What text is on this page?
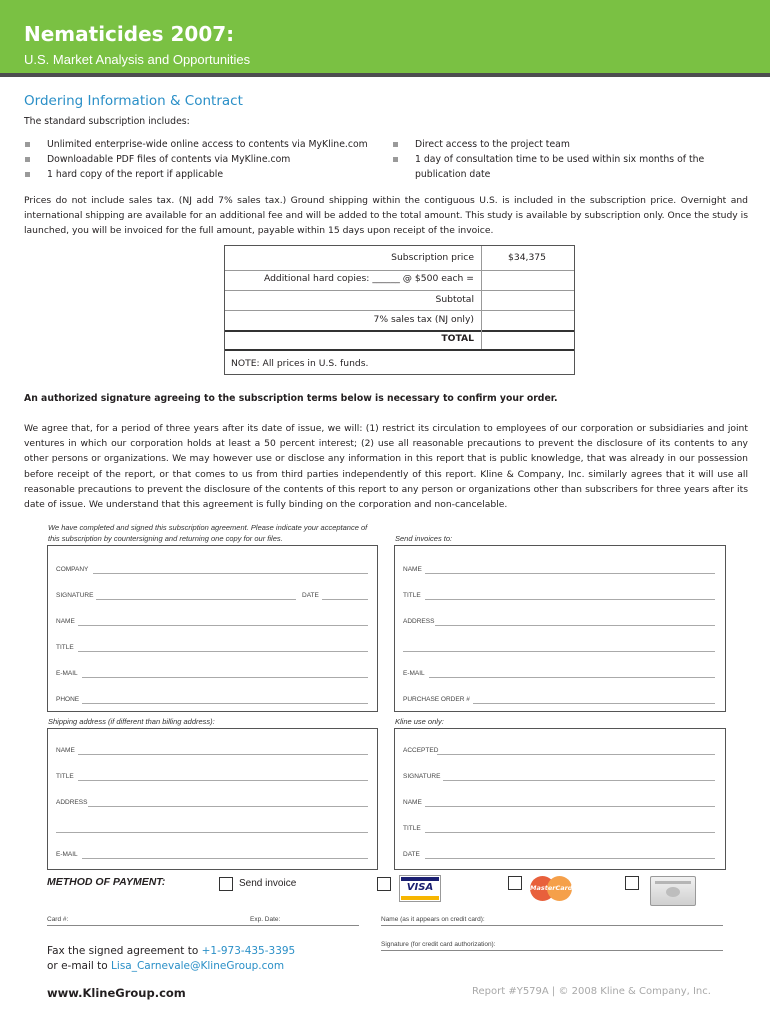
Nematicides 2007:
U.S. Market Analysis and Opportunities
Ordering Information & Contract
The standard subscription includes:
Unlimited enterprise-wide online access to contents via MyKline.com
Downloadable PDF files of contents via MyKline.com
1 hard copy of the report if applicable
Direct access to the project team
1 day of consultation time to be used within six months of the
publication date
Prices do not include sales tax. (NJ add 7% sales tax.) Ground shipping within the contiguous U.S. is included in the subscription price. Overnight and international shipping are available for an additional fee and will be added to the total amount. This study is available by subscription only. Once the study is launched, you will be invoiced for the full amount, payable within 15 days upon receipt of the invoice.
Subscription price	$34,375
Additional hard copies: ______ @ $500 each =
Subtotal
7% sales tax (NJ only)
TOTAL
NOTE: All prices in U.S. funds.
An authorized signature agreeing to the subscription terms below is necessary to confirm your order.
We agree that, for a period of three years after its date of issue, we will: (1) restrict its circulation to employees of our corporation or subsidiaries and joint ventures in which our corporation holds at least a 50 percent interest; (2) use all reasonable precautions to prevent the disclosure of its contents to any other persons or organizations. We may however use or disclose any information in this report that is public knowledge, that was already in our possession before receipt of the report, or that comes to us from third parties independently of this report. Kline & Company, Inc. similarly agrees that it will use all reasonable precautions to prevent the disclosure of the contents of this report to any person or organizations other than subscribers for three years after its date of issue. We understand that this agreement is fully binding on the corporation and non-cancelable.
We have completed and signed this subscription agreement. Please indicate your acceptance of
this subscription by countersigning and returning one copy for our files.	Send invoices to:
COMPANY
SIGNATURE	DATE
NAME
TITLE
E-MAIL
PHONE
NAME
TITLE
ADDRESS
E-MAIL
PURCHASE ORDER #
Shipping address (if different than billing address):	Kline use only:
NAME
TITLE
ADDRESS
E-MAIL
ACCEPTED
SIGNATURE
NAME
TITLE
DATE
METHOD OF PAYMENT:	Send invoice	VISA	MasterCard
Card #:	Exp. Date:	Name (as it appears on credit card):
Signature (for credit card authorization):
Fax the signed agreement to +1-973-435-3395
or e-mail to Lisa_Carnevale@KlineGroup.com
www.KlineGroup.com	Report #Y579A | © 2008 Kline & Company, Inc.
